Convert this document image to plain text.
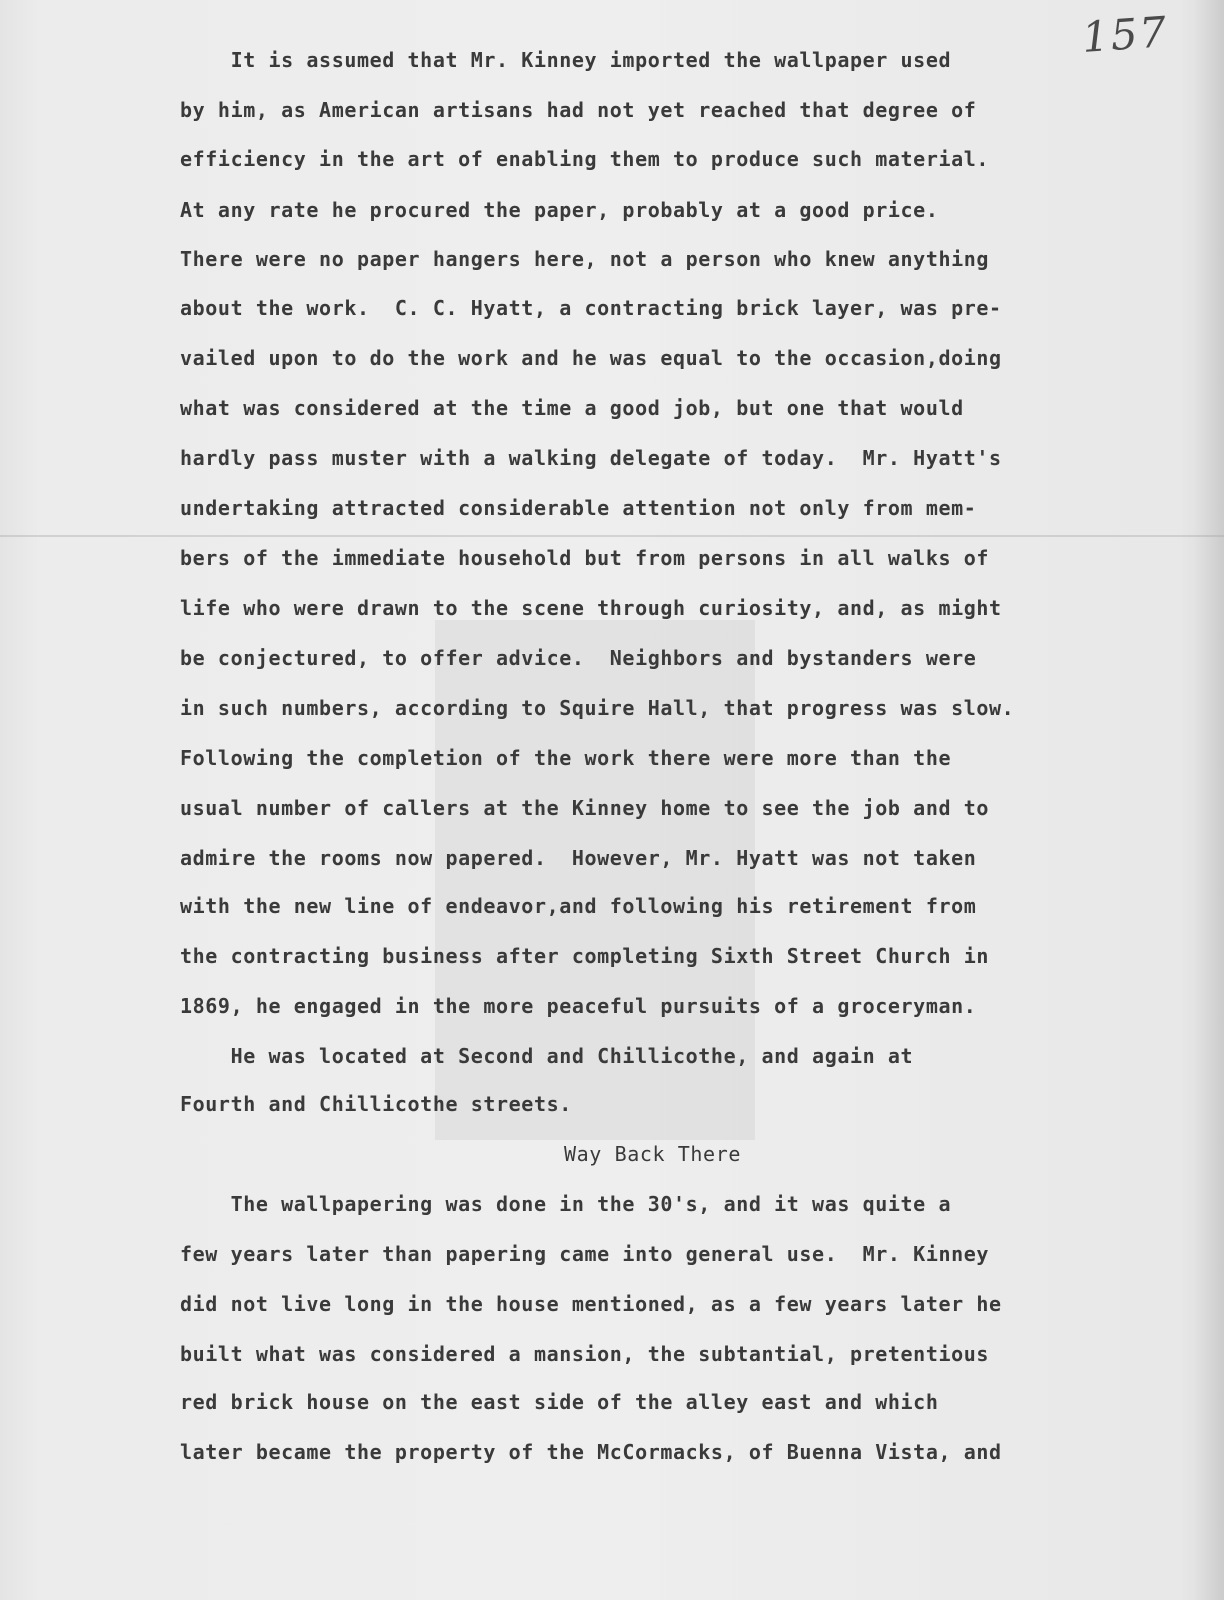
157
It is assumed that Mr. Kinney imported the wallpaper used
by him, as American artisans had not yet reached that degree of
efficiency in the art of enabling them to produce such material.
At any rate he procured the paper, probably at a good price.
There were no paper hangers here, not a person who knew anything
about the work.  C. C. Hyatt, a contracting brick layer, was pre-
vailed upon to do the work and he was equal to the occasion,doing
what was considered at the time a good job, but one that would
hardly pass muster with a walking delegate of today.  Mr. Hyatt's
undertaking attracted considerable attention not only from mem-
bers of the immediate household but from persons in all walks of
life who were drawn to the scene through curiosity, and, as might
be conjectured, to offer advice.  Neighbors and bystanders were
in such numbers, according to Squire Hall, that progress was slow.
Following the completion of the work there were more than the
usual number of callers at the Kinney home to see the job and to
admire the rooms now papered.  However, Mr. Hyatt was not taken
with the new line of endeavor,and following his retirement from
the contracting business after completing Sixth Street Church in
1869, he engaged in the more peaceful pursuits of a groceryman.
He was located at Second and Chillicothe, and again at
Fourth and Chillicothe streets.
Way Back There
The wallpapering was done in the 30's, and it was quite a
few years later than papering came into general use.  Mr. Kinney
did not live long in the house mentioned, as a few years later he
built what was considered a mansion, the subtantial, pretentious
red brick house on the east side of the alley east and which
later became the property of the McCormacks, of Buenna Vista, and
